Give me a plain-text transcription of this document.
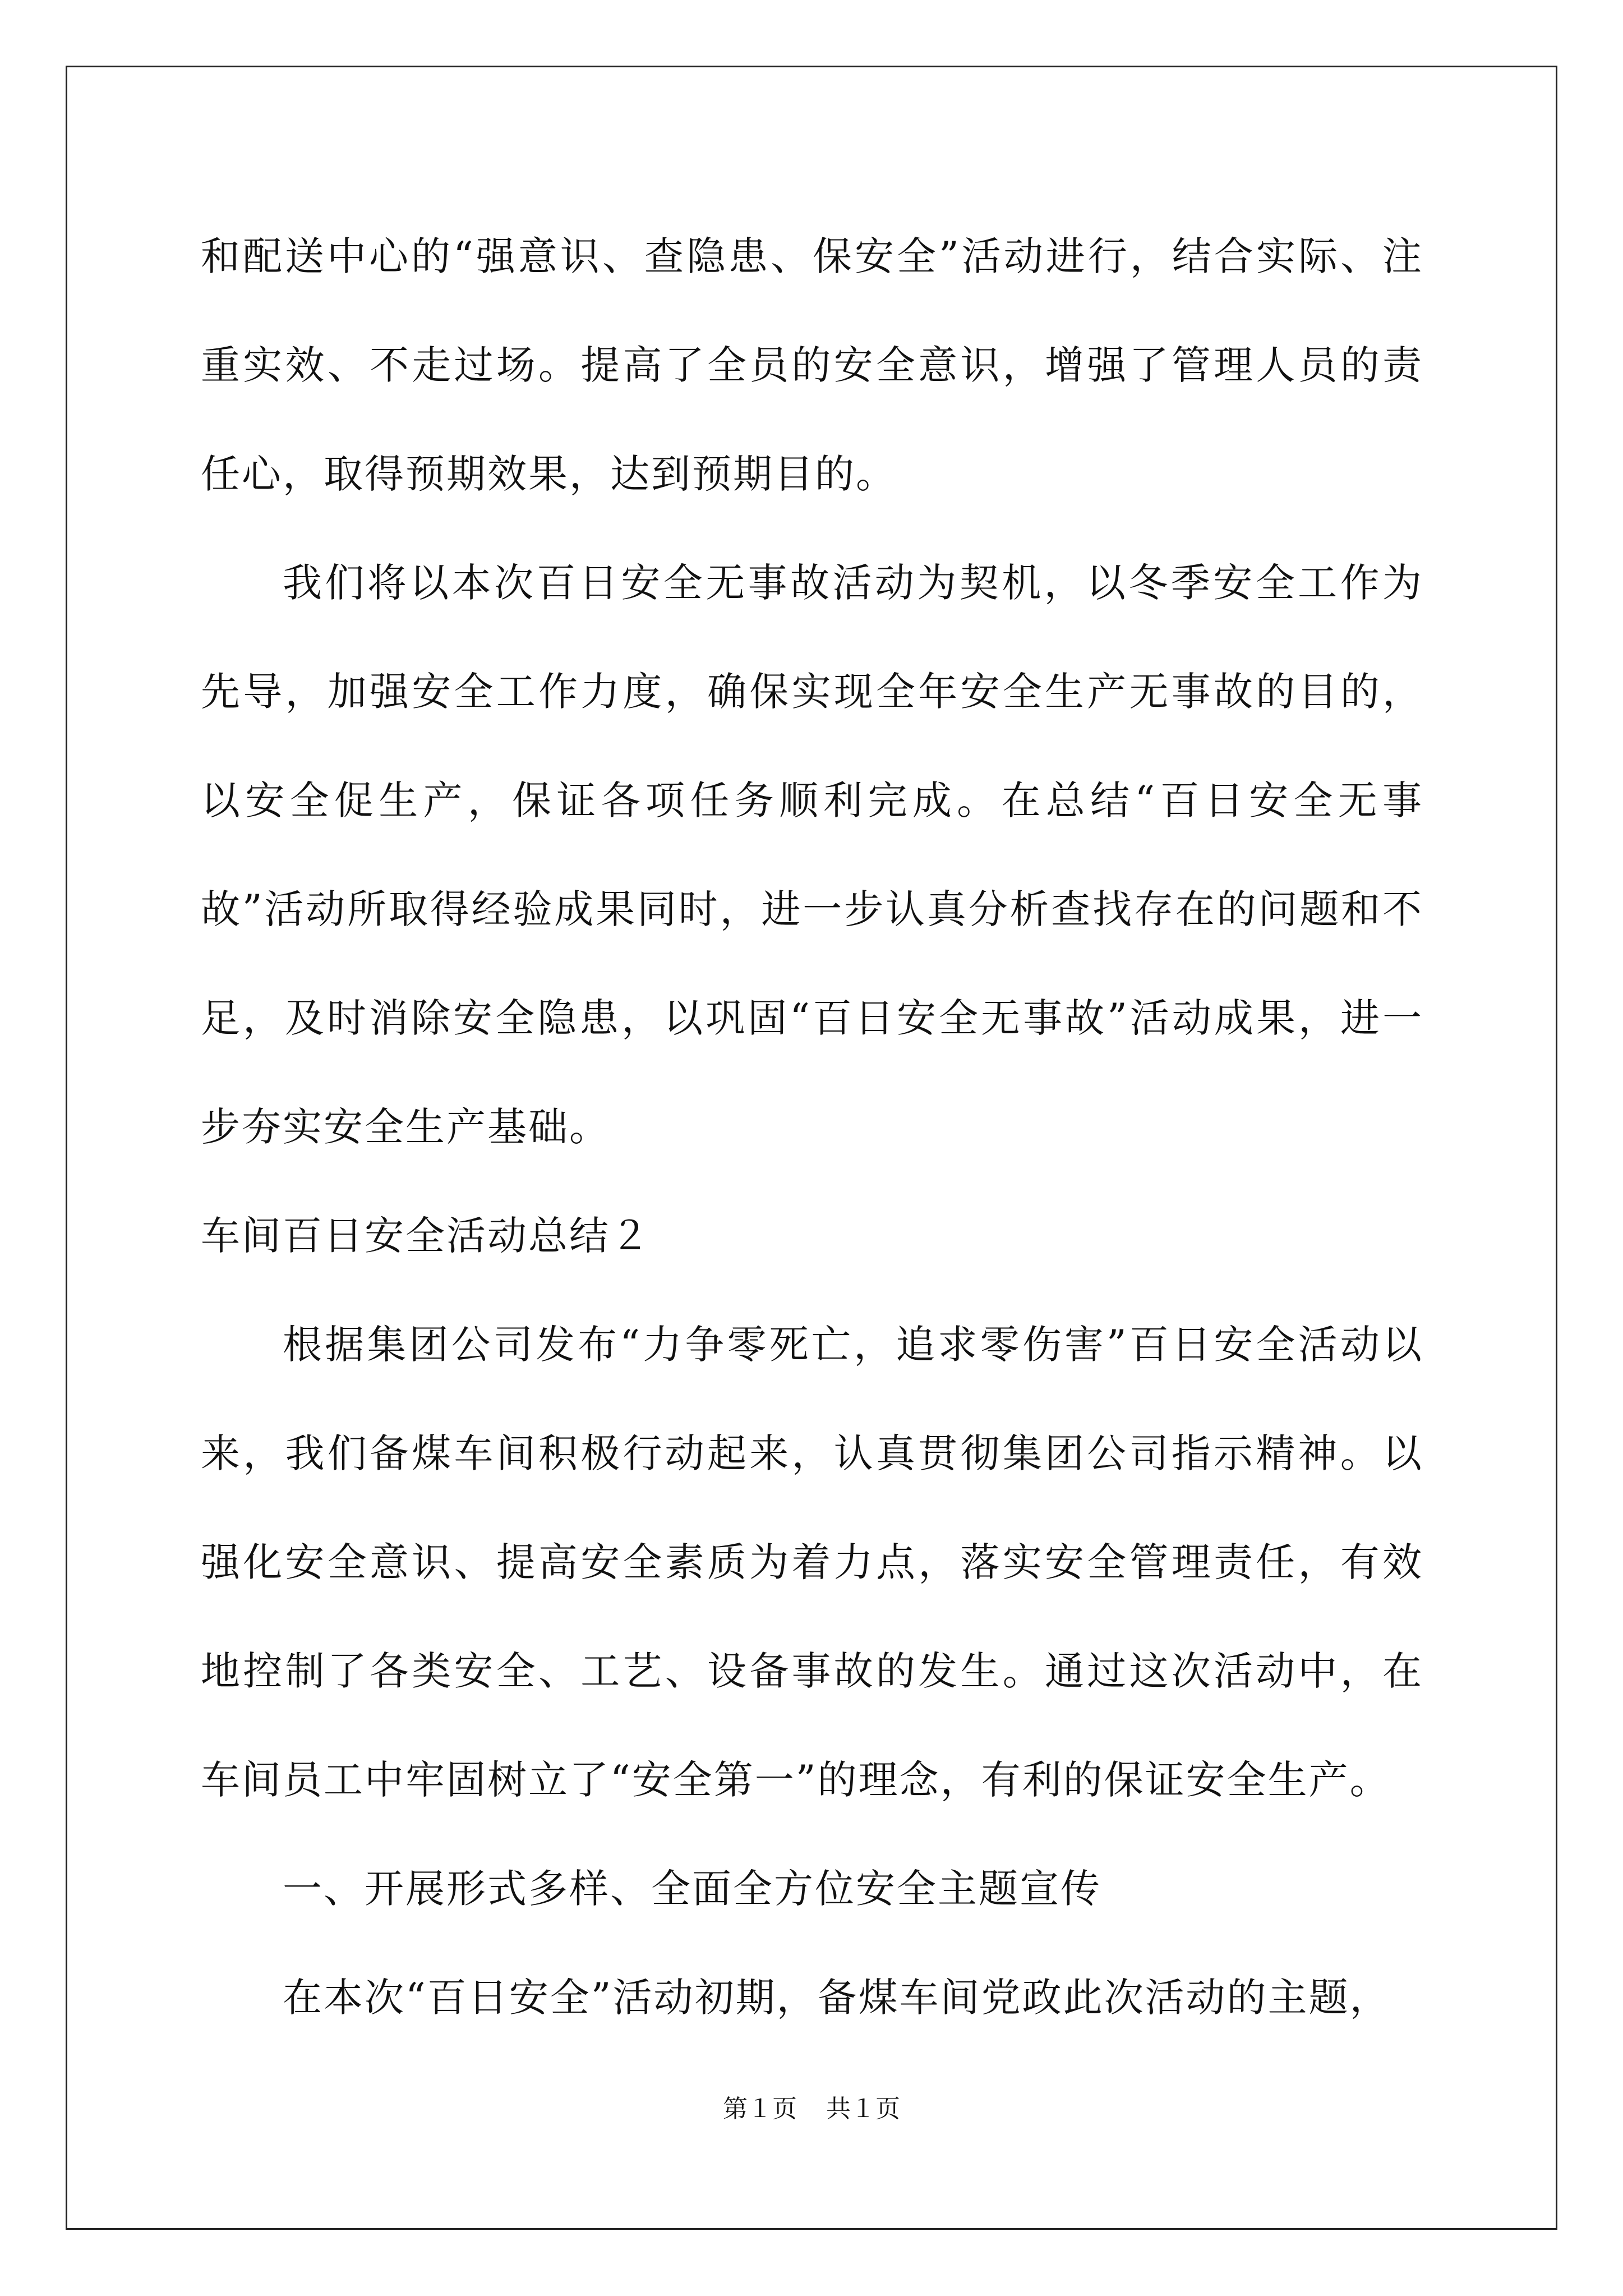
和配送中心的“强意识、查隐患、保安全”活动进行，结合实际、注重实效、不走过场。提高了全员的安全意识，增强了管理人员的责任心，取得预期效果，达到预期目的。

我们将以本次百日安全无事故活动为契机，以冬季安全工作为先导，加强安全工作力度，确保实现全年安全生产无事故的目的，以安全促生产，保证各项任务顺利完成。在总结“百日安全无事故”活动所取得经验成果同时，进一步认真分析查找存在的问题和不足，及时消除安全隐患，以巩固“百日安全无事故”活动成果，进一步夯实安全生产基础。

车间百日安全活动总结２

根据集团公司发布“力争零死亡，追求零伤害”百日安全活动以来，我们备煤车间积极行动起来，认真贯彻集团公司指示精神。以强化安全意识、提高安全素质为着力点，落实安全管理责任，有效地控制了各类安全、工艺、设备事故的发生。通过这次活动中，在车间员工中牢固树立了“安全第一”的理念，有利的保证安全生产。

一、开展形式多样、全面全方位安全主题宣传

在本次“百日安全”活动初期，备煤车间党政此次活动的主题，

第１页 共１页
